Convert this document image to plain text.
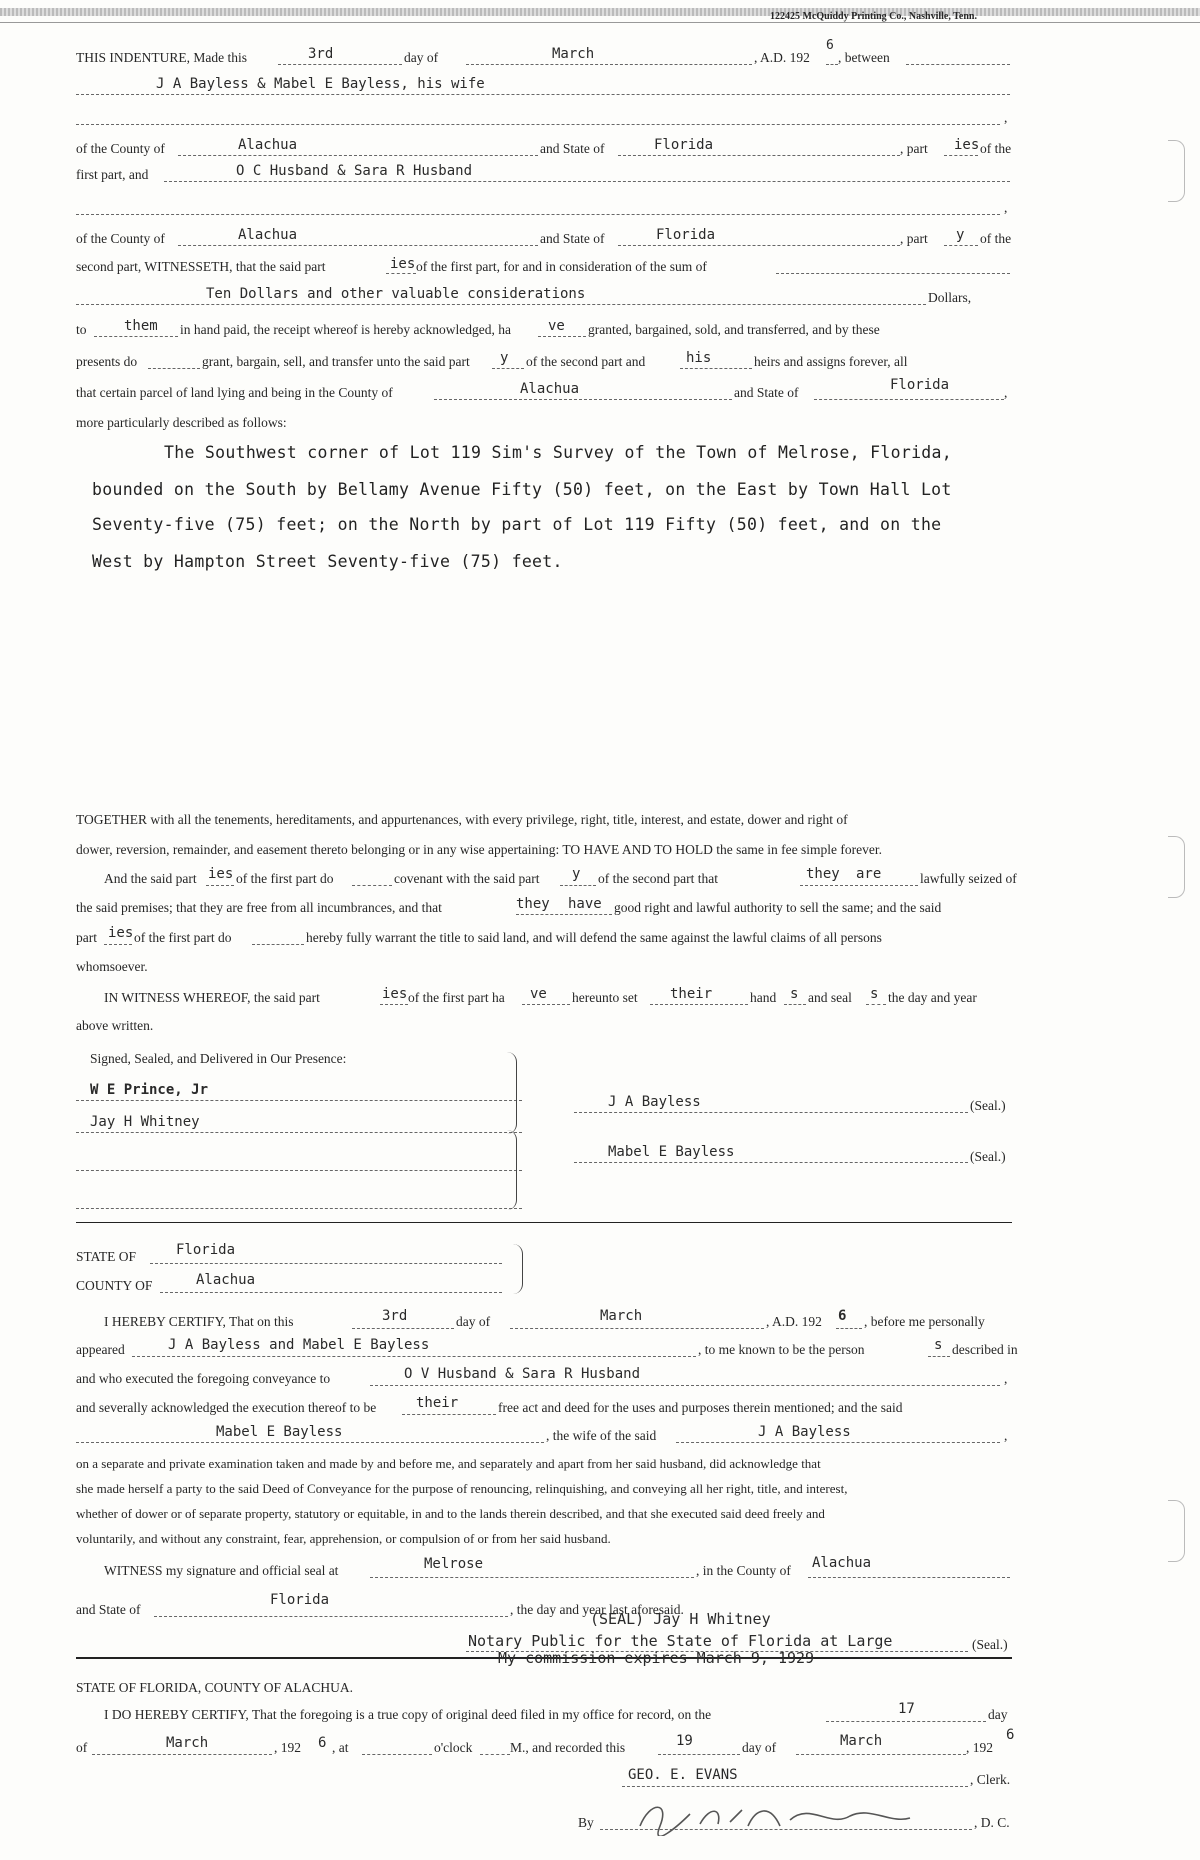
122425 McQuiddy Printing Co., Nashville, Tenn.
THIS INDENTURE, Made this	3rd	day of	March	, A.D. 192
6
, between
J A Bayless & Mabel E Bayless, his wife
,
of the County of	Alachua	and State of	Florida	, part ies of the
first part, and	O C Husband & Sara R Husband
,
of the County of	Alachua	and State of	Florida	, part y of the
second part, WITNESSETH, that the said part	ies of the first part, for and in consideration of the sum of
Ten Dollars and other valuable considerations	Dollars,
to	them in hand paid, the receipt whereof is hereby acknowledged, ha	ve granted, bargained, sold, and transferred, and by these
presents do	grant, bargain, sell, and transfer unto the said part y of the second part and	his	heirs and assigns forever, all
that certain parcel of land lying and being in the County of	Alachua	and State of	Florida	,
more particularly described as follows:
The Southwest corner of Lot 119 Sim's Survey of the Town of Melrose, Florida,
bounded on the South by Bellamy Avenue Fifty (50) feet, on the East by Town Hall Lot
Seventy-five (75) feet; on the North by part of Lot 119 Fifty (50) feet, and on the
West by Hampton Street Seventy-five (75) feet.
TOGETHER with all the tenements, hereditaments, and appurtenances, with every privilege, right, title, interest, and estate, dower and right of
dower, reversion, remainder, and easement thereto belonging or in any wise appertaining: TO HAVE AND TO HOLD the same in fee simple forever.
And the said part ies of the first part do	covenant with the said part y of the second part that	they are	lawfully seized of
the said premises; that they are free from all incumbrances, and that	they have good right and lawful authority to sell the same; and the said
part ies of the first part do	hereby fully warrant the title to said land, and will defend the same against the lawful claims of all persons
whomsoever.
IN WITNESS WHEREOF, the said part	ies of the first part ha ve hereunto set their	hand s and seal s the day and year
above written.
Signed, Sealed, and Delivered in Our Presence:
W E Prince, Jr
Jay H Whitney
J A Bayless	(Seal.)
Mabel E Bayless	(Seal.)
STATE OF	Florida
COUNTY OF	Alachua
I HEREBY CERTIFY, That on this	3rd	day of	March	, A.D. 192 6 , before me personally
appeared	J A Bayless and Mabel E Bayless	, to me known to be the person	s described in
and who executed the foregoing conveyance to	O V Husband & Sara R Husband	,
and severally acknowledged the execution thereof to be	their	free act and deed for the uses and purposes therein mentioned; and the said
Mabel E Bayless	, the wife of the said	J A Bayless	,
on a separate and private examination taken and made by and before me, and separately and apart from her said husband, did acknowledge that
she made herself a party to the said Deed of Conveyance for the purpose of renouncing, relinquishing, and conveying all her right, title, and interest,
whether of dower or of separate property, statutory or equitable, in and to the lands therein described, and that she executed said deed freely and
voluntarily, and without any constraint, fear, apprehension, or compulsion of or from her said husband.
WITNESS my signature and official seal at	Melrose	, in the County of Alachua
and State of
Florida
, the day and year last aforesaid.
(SEAL) Jay H Whitney
Notary Public for the State of Florida at Large	(Seal.)
My commission expires March 9, 1929
STATE OF FLORIDA, COUNTY OF ALACHUA.
I DO HEREBY CERTIFY, That the foregoing is a true copy of original deed filed in my office for record, on the	17	day
of	March	, 192 6 , at	o'clock	M., and recorded this	19	day of	March	, 192
6
GEO. E. EVANS	, Clerk.
By	, D. C.
